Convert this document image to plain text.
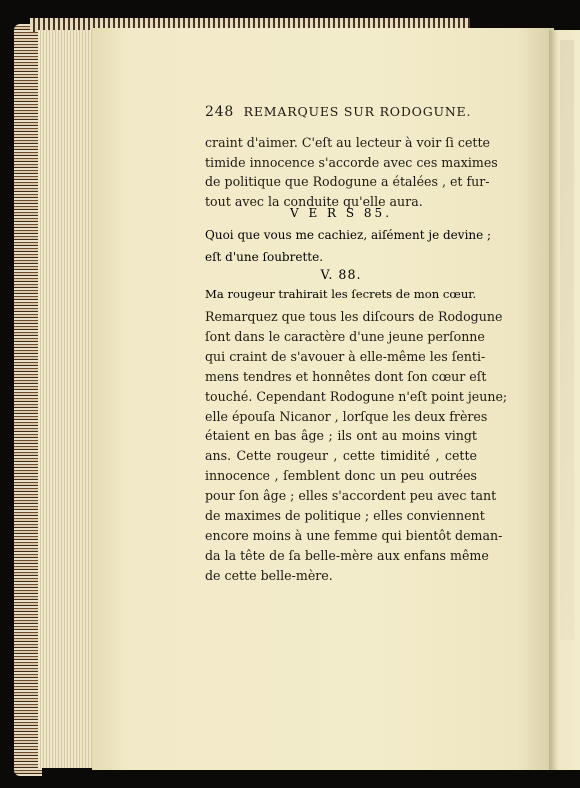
248 REMARQUES SUR RODOGUNE.
craint d'aimer. C'eſt au lecteur à voir ſi cette
timide innocence s'accorde avec ces maximes
de politique que Rodogune a étalées , et fur-
tout avec la conduite qu'elle aura.
V E R S 85.
Quoi que vous me cachiez, aiſément je devine ;
eſt d'une ſoubrette.
V. 88.
Ma rougeur trahirait les ſecrets de mon cœur.
Remarquez que tous les diſcours de Rodogune
ſont dans le caractère d'une jeune perſonne
qui craint de s'avouer à elle-même les ſenti-
mens tendres et honnêtes dont ſon cœur eſt
touché. Cependant Rodogune n'eſt point jeune;
elle épouſa Nicanor , lorſque les deux frères
étaient en bas âge ; ils ont au moins vingt
ans. Cette rougeur , cette timidité , cette
innocence , ſemblent donc un peu outrées
pour ſon âge ; elles s'accordent peu avec tant
de maximes de politique ; elles conviennent
encore moins à une femme qui bientôt deman-
da la tête de ſa belle-mère aux enfans même
de cette belle-mère.
